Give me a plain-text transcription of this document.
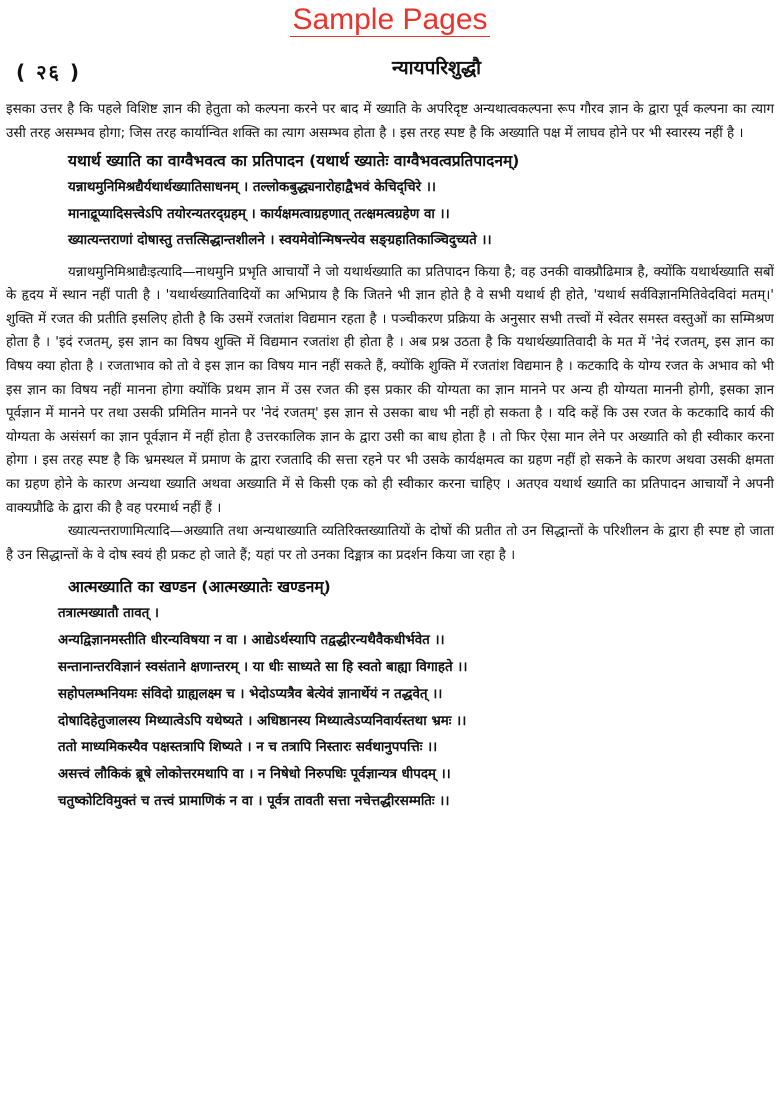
Sample Pages
( २६ )	न्यायपरिशुद्धौ

इसका उत्तर है कि पहले विशिष्ट ज्ञान की हेतुता को कल्पना करने पर बाद में ख्याति के अपरिदृष्ट अन्यथात्वकल्पना रूप गौरव ज्ञान के द्वारा पूर्व कल्पना का त्याग उसी तरह असम्भव होगा; जिस तरह कार्यान्वित शक्ति का त्याग असम्भव होता है । इस तरह स्पष्ट है कि अख्याति पक्ष में लाघव होने पर भी स्वारस्य नहीं है ।

यथार्थ ख्याति का वाग्वैभवत्व का प्रतिपादन (यथार्थ ख्यातेः वाग्वैभवत्वप्रतिपादनम्)
यन्नाथमुनिमिश्रद्यैर्यथार्थख्यातिसाधनम् । तल्लोकबुद्ध्यनारोहाद्वैभवं केचिद्चिरे ।।
मानाद्रूप्यादिसत्त्वेऽपि तयोरन्यतरद्ग्रहम् । कार्यक्षमत्वाग्रहणात् तत्क्षमत्वग्रहेण वा ।।
ख्यात्यन्तराणां दोषास्तु तत्तत्सिद्धान्तशीलने । स्वयमेवोन्मिषन्त्येव सङ्ग्रहातिकाञ्चिदुच्यते ।।

यन्नाथमुनिमिश्राद्यैःइत्यादि—नाथमुनि प्रभृति आचार्यों ने जो यथार्थख्याति का प्रतिपादन किया है; वह उनकी वाक्प्रौढिमात्र है, क्योंकि यथार्थख्याति सबों के हृदय में स्थान नहीं पाती है । 'यथार्थख्यातिवादियों का अभिप्राय है कि जितने भी ज्ञान होते है वे सभी यथार्थ ही होते, 'यथार्थ सर्वविज्ञानमितिवेदविदां मतम्।' शुक्ति में रजत की प्रतीति इसलिए होती है कि उसमें रजतांश विद्यमान रहता है । पञ्चीकरण प्रक्रिया के अनुसार सभी तत्त्वों में स्वेतर समस्त वस्तुओं का सम्मिश्रण होता है । 'इदं रजतम्, इस ज्ञान का विषय शुक्ति में विद्यमान रजतांश ही होता है । अब प्रश्न उठता है कि यथार्थख्यातिवादी के मत में 'नेदं रजतम्, इस ज्ञान का विषय क्या होता है । रजताभाव को तो वे इस ज्ञान का विषय मान नहीं सकते हैं, क्योंकि शुक्ति में रजतांश विद्यमान है । कटकादि के योग्य रजत के अभाव को भी इस ज्ञान का विषय नहीं मानना होगा क्योंकि प्रथम ज्ञान में उस रजत की इस प्रकार की योग्यता का ज्ञान मानने पर अन्य ही योग्यता माननी होगी, इसका ज्ञान पूर्वज्ञान में मानने पर तथा उसकी प्रमितिन मानने पर 'नेदं रजतम्' इस ज्ञान से उसका बाध भी नहीं हो सकता है । यदि कहें कि उस रजत के कटकादि कार्य की योग्यता के असंसर्ग का ज्ञान पूर्वज्ञान में नहीं होता है उत्तरकालिक ज्ञान के द्वारा उसी का बाध होता है । तो फिर ऐसा मान लेने पर अख्याति को ही स्वीकार करना होगा । इस तरह स्पष्ट है कि भ्रमस्थल में प्रमाण के द्वारा रजतादि की सत्ता रहने पर भी उसके कार्यक्षमत्व का ग्रहण नहीं हो सकने के कारण अथवा उसकी क्षमता का ग्रहण होने के कारण अन्यथा ख्याति अथवा अख्याति में से किसी एक को ही स्वीकार करना चाहिए । अतएव यथार्थ ख्याति का प्रतिपादन आचार्यों ने अपनी वाक्यप्रौढि के द्वारा की है वह परमार्थ नहीं हैं ।

ख्यात्यन्तराणामित्यादि—अख्याति तथा अन्यथाख्याति व्यतिरिक्तख्यातियों के दोषों की प्रतीत तो उन सिद्धान्तों के परिशीलन के द्वारा ही स्पष्ट हो जाता है उन सिद्धान्तों के वे दोष स्वयं ही प्रकट हो जाते हैं; यहां पर तो उनका दिङ्मात्र का प्रदर्शन किया जा रहा है ।

आत्मख्याति का खण्डन (आत्मख्यातेः खण्डनम्)
तत्रात्मख्यातौ तावत् ।
अन्यद्विज्ञानमस्तीति धीरन्यविषया न वा । आद्येऽर्थस्यापि तद्वद्धीरन्यथैवैकधीर्भवेत ।।
सन्तानान्तरविज्ञानं स्वसंताने क्षणान्तरम् । या धीः साध्यते सा हि स्वतो बाह्या विगाहते ।।
सहोपलम्भनियमः संविदो ग्राह्यलक्ष्म च । भेदोऽप्यत्रैव बेत्येवं ज्ञानार्थेयं न तद्धवेत् ।।
दोषादिहेतुजालस्य मिथ्यात्वेऽपि यथेष्यते । अधिष्ठानस्य मिथ्यात्वेऽप्यनिवार्यस्तथा भ्रमः ।।
ततो माध्यमिकस्यैव पक्षस्तत्रापि शिष्यते । न च तत्रापि निस्तारः सर्वथानुपपत्तिः ।।
असत्त्वं लौकिकं ब्रूषे लोकोत्तरमथापि वा । न निषेधो निरुपधिः पूर्वज्ञान्यत्र धीपदम् ।।
चतुष्कोटिविमुक्तं च तत्त्वं प्रामाणिकं न वा । पूर्वत्र तावती सत्ता नचेत्तद्धीरसम्मतिः ।।
